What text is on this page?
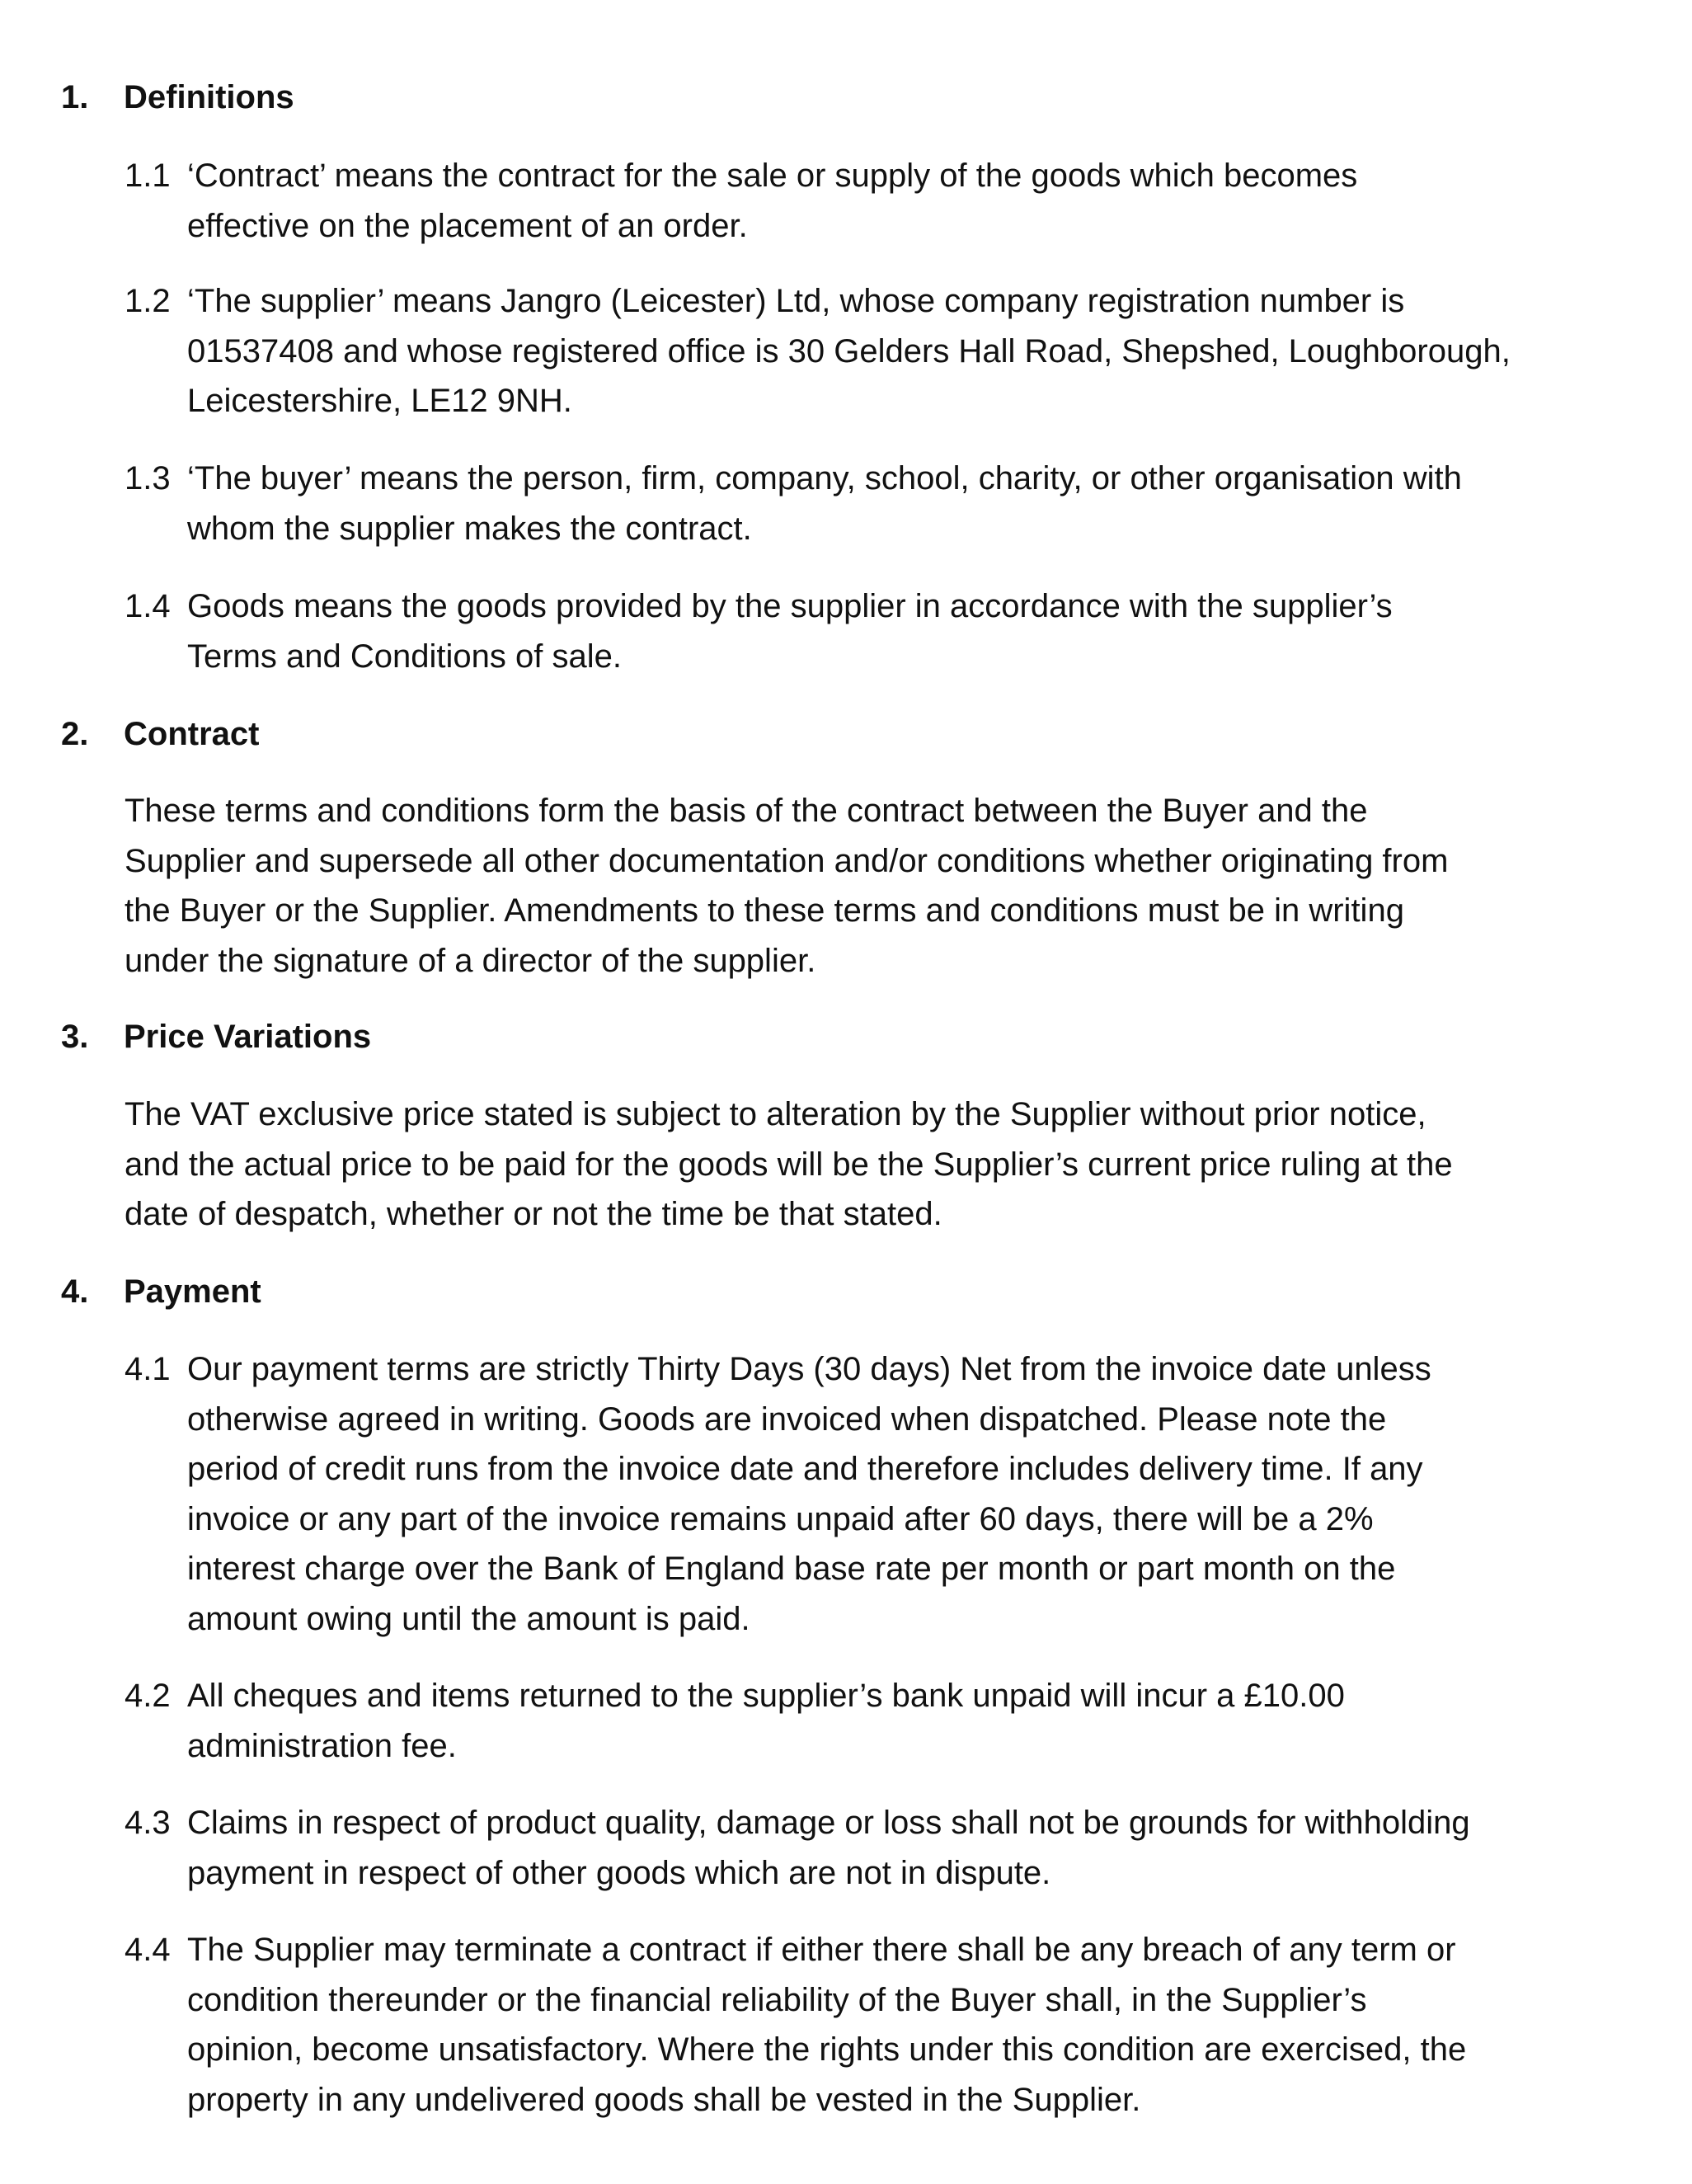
1. Definitions
1.1 ‘Contract’ means the contract for the sale or supply of the goods which becomes
effective on the placement of an order.
1.2 ‘The supplier’ means Jangro (Leicester) Ltd, whose company registration number is
01537408 and whose registered office is 30 Gelders Hall Road, Shepshed, Loughborough,
Leicestershire, LE12 9NH.
1.3 ‘The buyer’ means the person, firm, company, school, charity, or other organisation with
whom the supplier makes the contract.
1.4 Goods means the goods provided by the supplier in accordance with the supplier’s
Terms and Conditions of sale.
2. Contract
These terms and conditions form the basis of the contract between the Buyer and the
Supplier and supersede all other documentation and/or conditions whether originating from
the Buyer or the Supplier. Amendments to these terms and conditions must be in writing
under the signature of a director of the supplier.
3. Price Variations
The VAT exclusive price stated is subject to alteration by the Supplier without prior notice,
and the actual price to be paid for the goods will be the Supplier’s current price ruling at the
date of despatch, whether or not the time be that stated.
4. Payment
4.1 Our payment terms are strictly Thirty Days (30 days) Net from the invoice date unless
otherwise agreed in writing. Goods are invoiced when dispatched. Please note the
period of credit runs from the invoice date and therefore includes delivery time. If any
invoice or any part of the invoice remains unpaid after 60 days, there will be a 2%
interest charge over the Bank of England base rate per month or part month on the
amount owing until the amount is paid.
4.2 All cheques and items returned to the supplier’s bank unpaid will incur a £10.00
administration fee.
4.3 Claims in respect of product quality, damage or loss shall not be grounds for withholding
payment in respect of other goods which are not in dispute.
4.4 The Supplier may terminate a contract if either there shall be any breach of any term or
condition thereunder or the financial reliability of the Buyer shall, in the Supplier’s
opinion, become unsatisfactory. Where the rights under this condition are exercised, the
property in any undelivered goods shall be vested in the Supplier.
